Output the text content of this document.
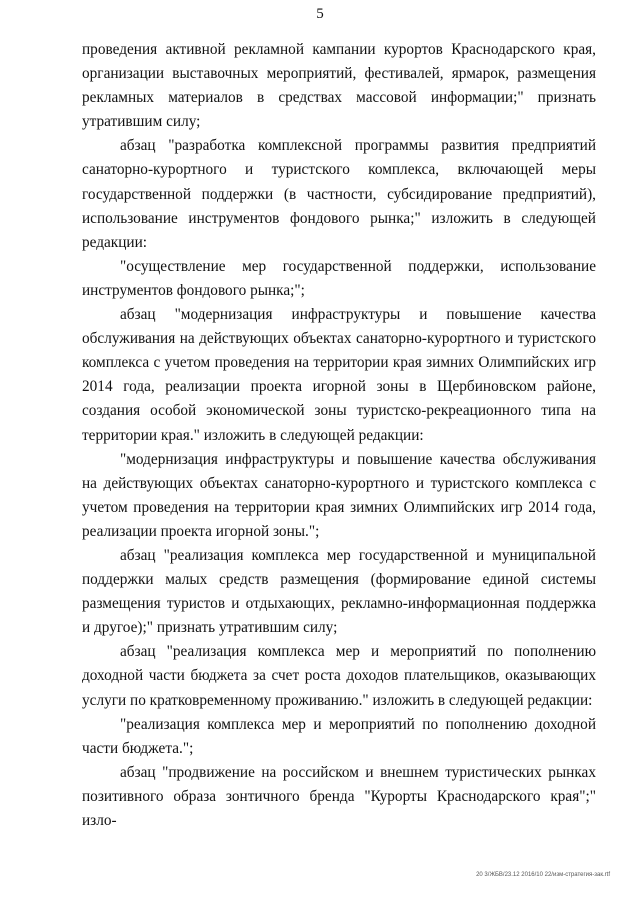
5

проведения активной рекламной кампании курортов Краснодарского края, организации выставочных мероприятий, фестивалей, ярмарок, размещения рекламных материалов в средствах массовой информации;" признать утратившим силу;

абзац "разработка комплексной программы развития предприятий санаторно-курортного и туристского комплекса, включающей меры государственной поддержки (в частности, субсидирование предприятий), использование инструментов фондового рынка;" изложить в следующей редакции:

"осуществление мер государственной поддержки, использование инструментов фондового рынка;";

абзац "модернизация инфраструктуры и повышение качества обслуживания на действующих объектах санаторно-курортного и туристского комплекса с учетом проведения на территории края зимних Олимпийских игр 2014 года, реализации проекта игорной зоны в Щербиновском районе, создания особой экономической зоны туристско-рекреационного типа на территории края." изложить в следующей редакции:

"модернизация инфраструктуры и повышение качества обслуживания на действующих объектах санаторно-курортного и туристского комплекса с учетом проведения на территории края зимних Олимпийских игр 2014 года, реализации проекта игорной зоны.";

абзац "реализация комплекса мер государственной и муниципальной поддержки малых средств размещения (формирование единой системы размещения туристов и отдыхающих, рекламно-информационная поддержка и другое);" признать утратившим силу;

абзац "реализация комплекса мер и мероприятий по пополнению доходной части бюджета за счет роста доходов плательщиков, оказывающих услуги по кратковременному проживанию." изложить в следующей редакции:

"реализация комплекса мер и мероприятий по пополнению доходной части бюджета.";

абзац "продвижение на российском и внешнем туристических рынках позитивного образа зонтичного бренда "Курорты Краснодарского края";" изло-

20 3/ЖБВ/23.12 2016/10 22/изм-стратегия-зак.rtf
